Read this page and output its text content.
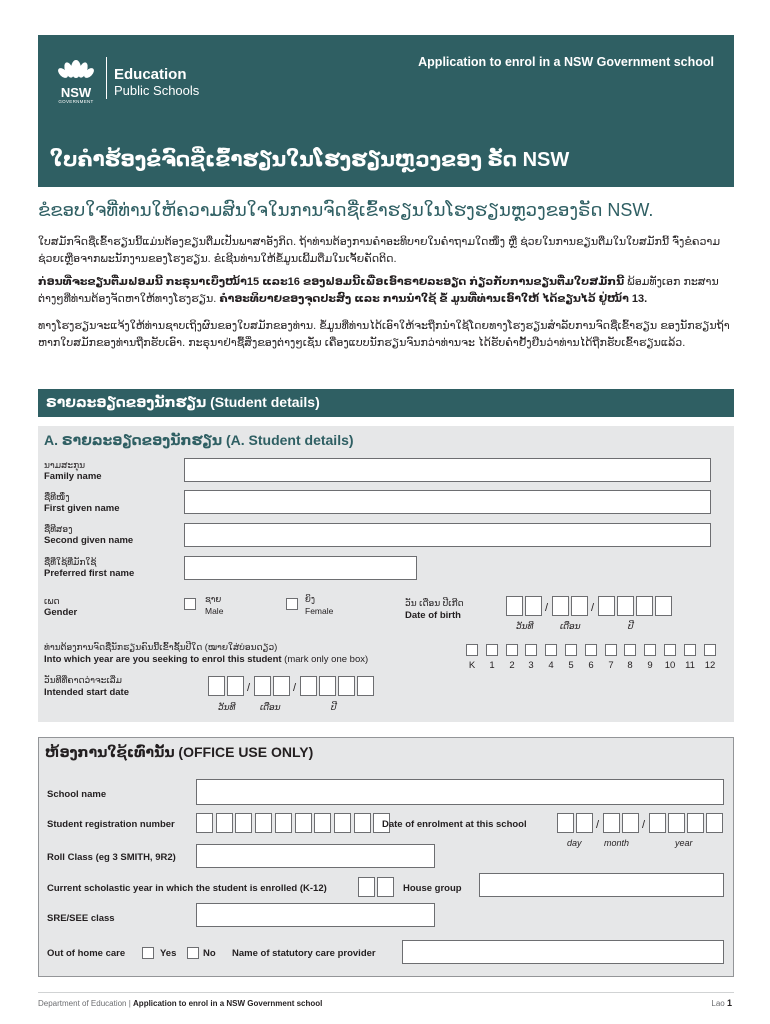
Application to enrol in a NSW Government school
NSW
GOVERNMENT
Education
Public Schools
ໃບຄຳຮ້ອງຂໍຈົດຊື່ເຂົ້າຮຽນໃນໂຮງຮຽນຫຼວງຂອງ ຣັດ NSW
ຂໍຂອບໃຈທີ່ທ່ານໃຫ້ຄວາມສົນໃຈໃນການຈົດຊື່ເຂົ້າຮຽນໃນໂຮງຮຽນຫຼວງຂອງຣັດ NSW.
ໃບສມັກຈົດຊື່ເຂົ້າຮຽນນີ້ແມ່ນຕ້ອງຂຽນຕື່ມເປັນພາສາອັງກິດ. ຖ້າທ່ານຕ້ອງການຄຳອະທິບາຍໃນຄຳຖາມໃດໜຶ່ງ ຫຼື ຊ່ວຍໃນການຂຽນຕື່ມໃນໃບສມັກນີ້ ຈົ່ງຂໍຄວາມຊ່ວຍເຫຼືອຈາກພະນັກງານຂອງໂຮງຮຽນ. ຂໍເຊີນທ່ານໃຫ້ຂໍ້ມູນເພີ້ມຕື່ມໃນເຈັ້ຍຄັດຕິດ.
ກ່ອນທີ່ຈະຂຽນຕື່ມຟອມນີ້ ກະຣຸນາເບິ່ງໜ້າ15 ແລະ16 ຂອງຟອມນີ້ເພື່ອເອົາຣາຍລະອຽດ ກ່ຽວກັບການຂຽນຕື່ມໃບສມັກນີ້ ພ້ອມທັງເອກ ກະສານຕ່າງໆທີ່ທ່ານຕ້ອງຈັດຫາໃຫ້ທາງໂຮງຮຽນ. ຄຳອະທິບາຍຂອງຈຸດປະສົງ ແລະ ການນຳໃຊ້ ຂໍ້ ມູນທີ່ທ່ານເອົາໃຫ້ ໄດ້ຂຽນໄວ້ ຢູ່ໜ້າ 13.
ທາງໂຮງຮຽນຈະແຈ້ງໃຫ້ທ່ານຊາບເຖິງຜົນຂອງໃບສມັກຂອງທ່ານ. ຂໍ້ມູນທີ່ທ່ານໄດ້ເອົາໃຫ້ຈະຖືກນຳໃຊ້ໂດຍທາງໂຮງຮຽນສຳລັບການຈົດຊື່ເຂົ້າຮຽນ ຂອງນັກຮຽນຖ້າຫາກໃບສມັກຂອງທ່ານຖືກຮັບເອົາ. ກະຣຸນາຢ່າຊື້ສິ່ງຂອງຕ່າງໆເຊັ່ນ ເຄື່ອງແບບນັກຮຽນຈົນກວ່າທ່ານຈະ ໄດ້ຮັບຄຳຢັ້ງຢືນວ່າທ່ານໄດ້ຖືກຮັບເຂົ້າຮຽນແລ້ວ.
ຣາຍລະອຽດຂອງນັກຮຽນ (Student details)
A. ຣາຍລະອຽດຂອງນັກຮຽນ (A. Student details)
ນາມສະກຸນ
Family name
ຊື່ທີໜຶ່ງ
First given name
ຊື່ທີສອງ
Second given name
ຊື່ທີ່ໃຊ້ທີ່ມັກໃຊ້
Preferred first name
ເພດ
Gender
ຊາຍ
Male
ຍິງ
Female
ວັນ ເດືອນ ປີເກີດ
Date of birth
/	/
ວັນທີ	ເດືອນ	ປີ
ທ່ານຕ້ອງການຈົດຊື່ນັກຮຽນຄົນນີ້ເຂົ້າຊັ້ນປີໃດ (ໝາຍໃສ່ບ່ອນດຽວ)
Into which year are you seeking to enrol this student (mark only one box)
K	1	2	3	4	5	6	7	8	9	10 11 12
ວັນທີທີ່ຄາດວ່າຈະເລີ່ມ
Intended start date	/	/
ວັນທີ	ເດືອນ	ປີ
ຫ້ອງການໃຊ້ເທົ່ານັ້ນ (OFFICE USE ONLY)
School name
Student registration number	Date of enrolment at this school	/	/
day month	year
Roll Class (eg 3 SMITH, 9R2)
Current scholastic year in which the student is enrolled (K-12)	House group
SRE/SEE class
Out of home care	Yes	No Name of statutory care provider
Department of Education | Application to enrol in a NSW Government school	Lao 1
